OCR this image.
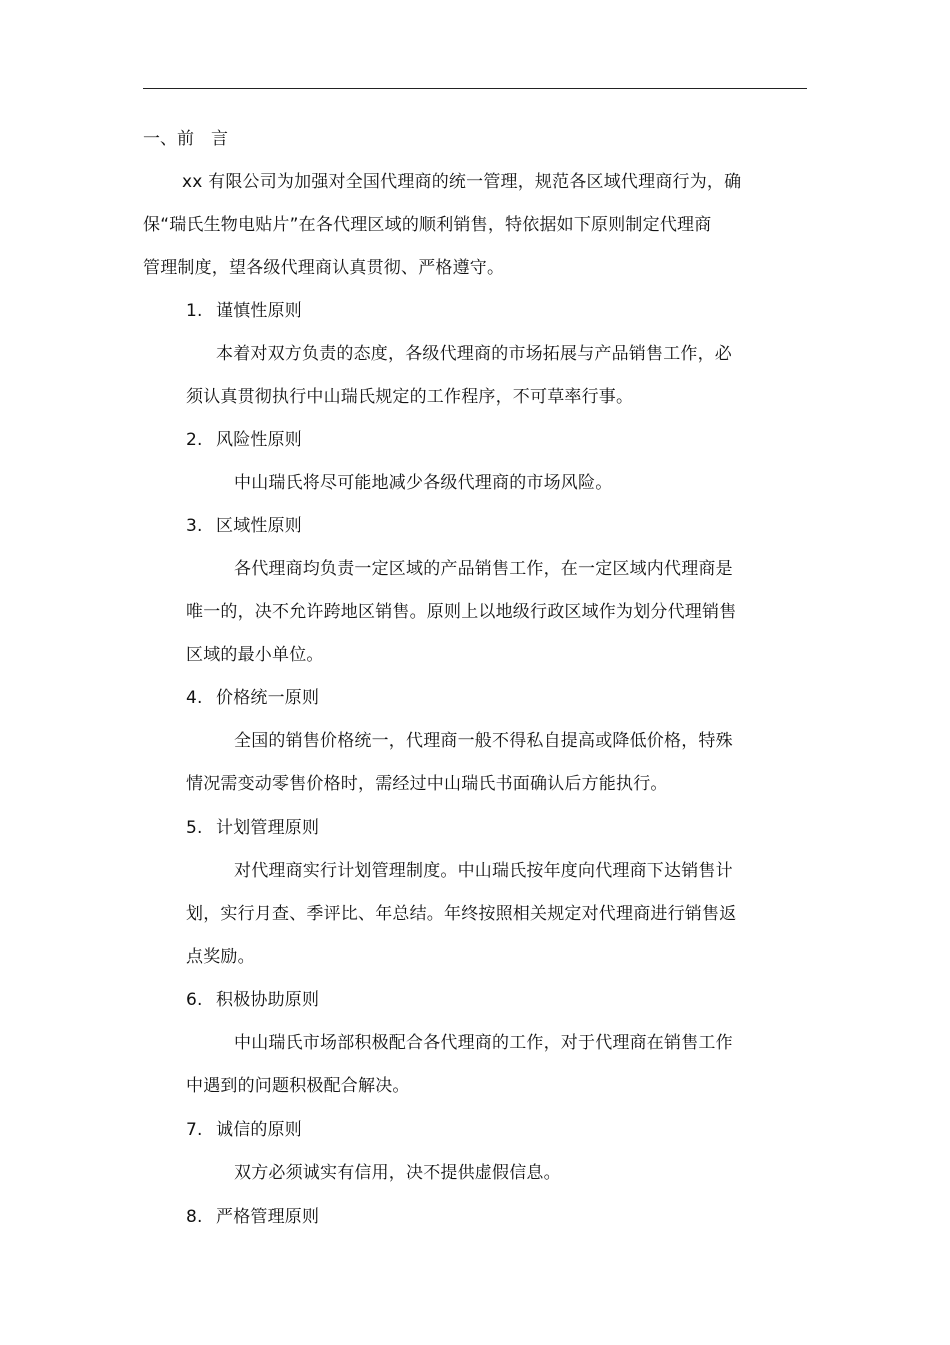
一、前　言
xx 有限公司为加强对全国代理商的统一管理，规范各区域代理商行为，确
保“瑞氏生物电贴片”在各代理区域的顺利销售，特依据如下原则制定代理商
管理制度，望各级代理商认真贯彻、严格遵守。
1. 谨慎性原则
本着对双方负责的态度，各级代理商的市场拓展与产品销售工作，必
须认真贯彻执行中山瑞氏规定的工作程序，不可草率行事。
2. 风险性原则
中山瑞氏将尽可能地减少各级代理商的市场风险。
3. 区域性原则
各代理商均负责一定区域的产品销售工作，在一定区域内代理商是
唯一的，决不允许跨地区销售。原则上以地级行政区域作为划分代理销售
区域的最小单位。
4. 价格统一原则
全国的销售价格统一，代理商一般不得私自提高或降低价格，特殊
情况需变动零售价格时，需经过中山瑞氏书面确认后方能执行。
5. 计划管理原则
对代理商实行计划管理制度。中山瑞氏按年度向代理商下达销售计
划，实行月查、季评比、年总结。年终按照相关规定对代理商进行销售返
点奖励。
6. 积极协助原则
中山瑞氏市场部积极配合各代理商的工作，对于代理商在销售工作
中遇到的问题积极配合解决。
7. 诚信的原则
双方必须诚实有信用，决不提供虚假信息。
8. 严格管理原则
